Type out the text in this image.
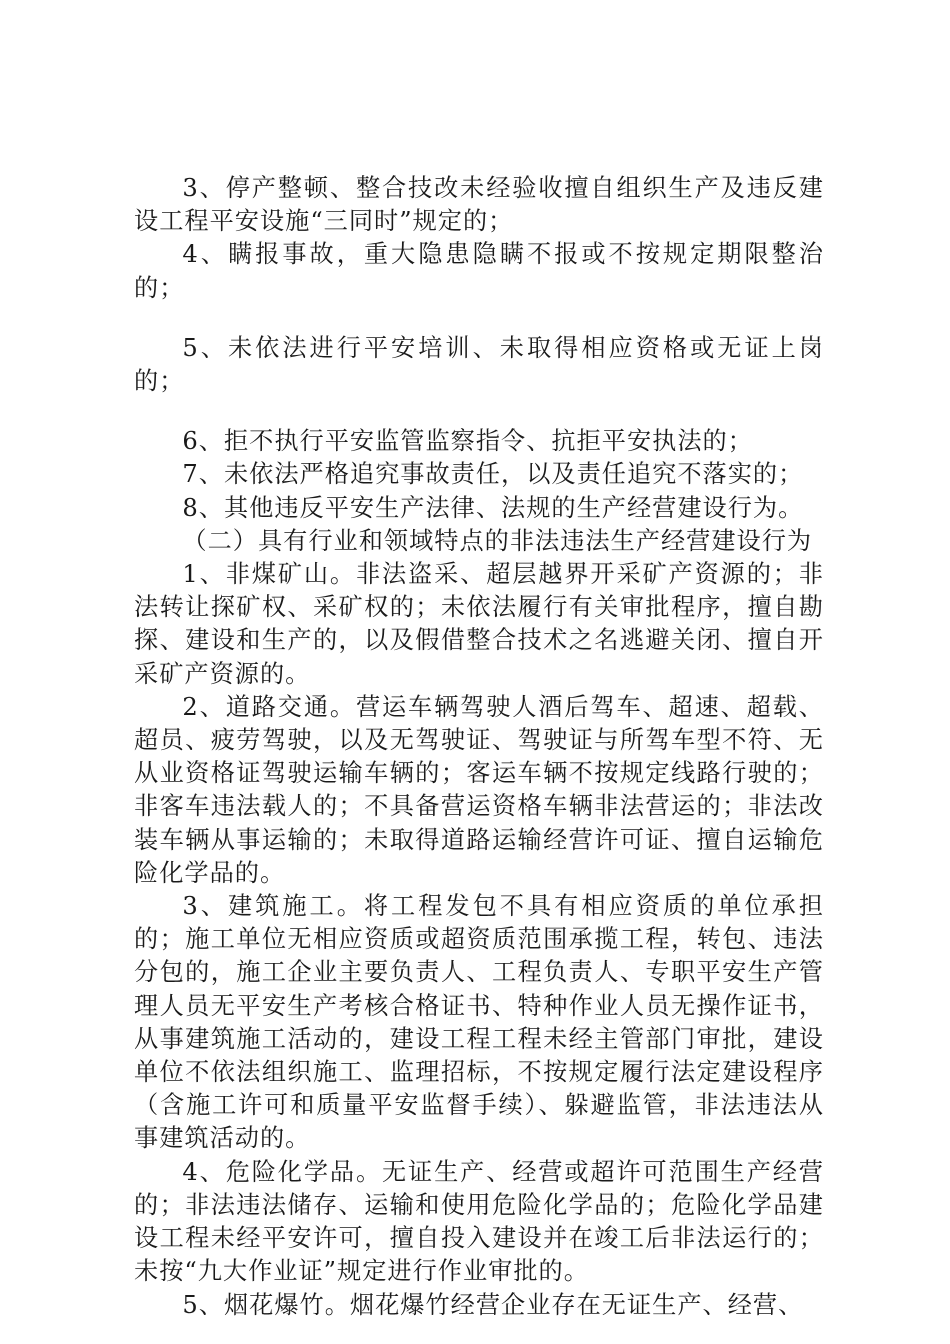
3、停产整顿、整合技改未经验收擅自组织生产及违反建设工程平安设施“三同时”规定的；

4、瞒报事故，重大隐患隐瞒不报或不按规定期限整治的；

5、未依法进行平安培训、未取得相应资格或无证上岗的；

6、拒不执行平安监管监察指令、抗拒平安执法的；

7、未依法严格追究事故责任，以及责任追究不落实的；

8、其他违反平安生产法律、法规的生产经营建设行为。

（二）具有行业和领域特点的非法违法生产经营建设行为

1、非煤矿山。非法盗采、超层越界开采矿产资源的；非法转让探矿权、采矿权的；未依法履行有关审批程序，擅自勘探、建设和生产的，以及假借整合技术之名逃避关闭、擅自开采矿产资源的。

2、道路交通。营运车辆驾驶人酒后驾车、超速、超载、超员、疲劳驾驶，以及无驾驶证、驾驶证与所驾车型不符、无从业资格证驾驶运输车辆的；客运车辆不按规定线路行驶的；非客车违法载人的；不具备营运资格车辆非法营运的；非法改装车辆从事运输的；未取得道路运输经营许可证、擅自运输危险化学品的。

3、建筑施工。将工程发包不具有相应资质的单位承担的；施工单位无相应资质或超资质范围承揽工程，转包、违法分包的，施工企业主要负责人、工程负责人、专职平安生产管理人员无平安生产考核合格证书、特种作业人员无操作证书，从事建筑施工活动的，建设工程工程未经主管部门审批，建设单位不依法组织施工、监理招标，不按规定履行法定建设程序（含施工许可和质量平安监督手续）、躲避监管，非法违法从事建筑活动的。

4、危险化学品。无证生产、经营或超许可范围生产经营的；非法违法储存、运输和使用危险化学品的；危险化学品建设工程未经平安许可，擅自投入建设并在竣工后非法运行的；未按“九大作业证”规定进行作业审批的。

5、烟花爆竹。烟花爆竹经营企业存在无证生产、经营、
